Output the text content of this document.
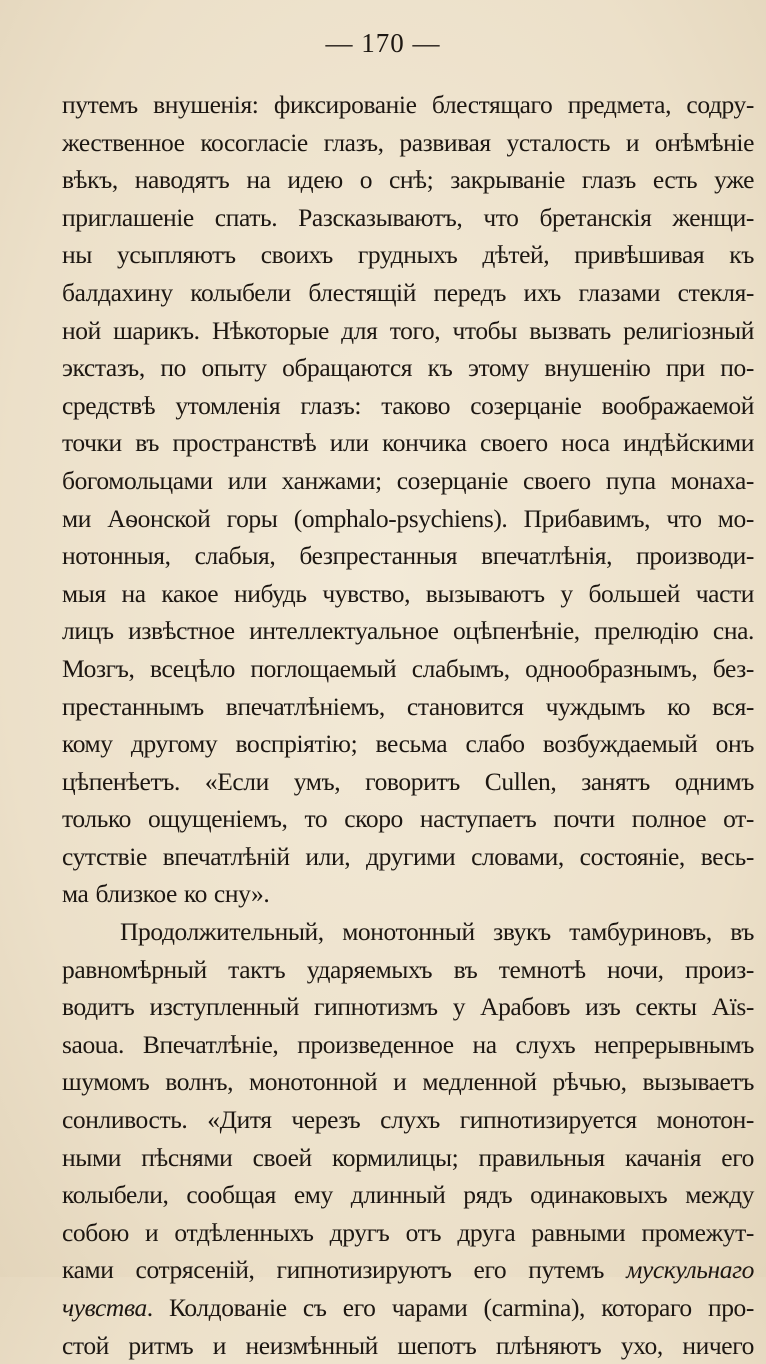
— 170 —
путемъ внушенія: фиксированіе блестящаго предмета, содру-
жественное косогласіе глазъ, развивая усталость и онѣмѣніе
вѣкъ, наводятъ на идею о снѣ; закрываніе глазъ есть уже
приглашеніе спать. Разсказываютъ, что бретанскія женщи-
ны усыпляютъ своихъ грудныхъ дѣтей, привѣшивая къ
балдахину колыбели блестящій передъ ихъ глазами стекля-
ной шарикъ. Нѣкоторые для того, чтобы вызвать религіозный
экстазъ, по опыту обращаются къ этому внушенію при по-
средствѣ утомленія глазъ: таково созерцаніе воображаемой
точки въ пространствѣ или кончика своего носа индѣйскими
богомольцами или ханжами; созерцаніе своего пупа монаха-
ми Аѳонской горы (omphalo-psychiens). Прибавимъ, что мо-
нотонныя, слабыя, безпрестанныя впечатлѣнія, производи-
мыя на какое нибудь чувство, вызываютъ у большей части
лицъ извѣстное интеллектуальное оцѣпенѣніе, прелюдію сна.
Мозгъ, всецѣло поглощаемый слабымъ, однообразнымъ, без-
престаннымъ впечатлѣніемъ, становится чуждымъ ко вся-
кому другому воспріятію; весьма слабо возбуждаемый онъ
цѣпенѣетъ. «Если умъ, говоритъ Cullen, занятъ однимъ
только ощущеніемъ, то скоро наступаетъ почти полное от-
сутствіе впечатлѣній или, другими словами, состояніе, весь-
ма близкое ко сну».
Продолжительный, монотонный звукъ тамбуриновъ, въ
равномѣрный тактъ ударяемыхъ въ темнотѣ ночи, произ-
водитъ изступленный гипнотизмъ у Арабовъ изъ секты Aïs-
saoua. Впечатлѣніе, произведенное на слухъ непрерывнымъ
шумомъ волнъ, монотонной и медленной рѣчью, вызываетъ
сонливость. «Дитя черезъ слухъ гипнотизируется монотон-
ными пѣснями своей кормилицы; правильныя качанія его
колыбели, сообщая ему длинный рядъ одинаковыхъ между
собою и отдѣленныхъ другъ отъ друга равными промежут-
ками сотрясеній, гипнотизируютъ его путемъ мускульнаго
чувства. Колдованіе съ его чарами (carmina), котораго про-
стой ритмъ и неизмѣнный шепотъ плѣняютъ ухо, ничего
